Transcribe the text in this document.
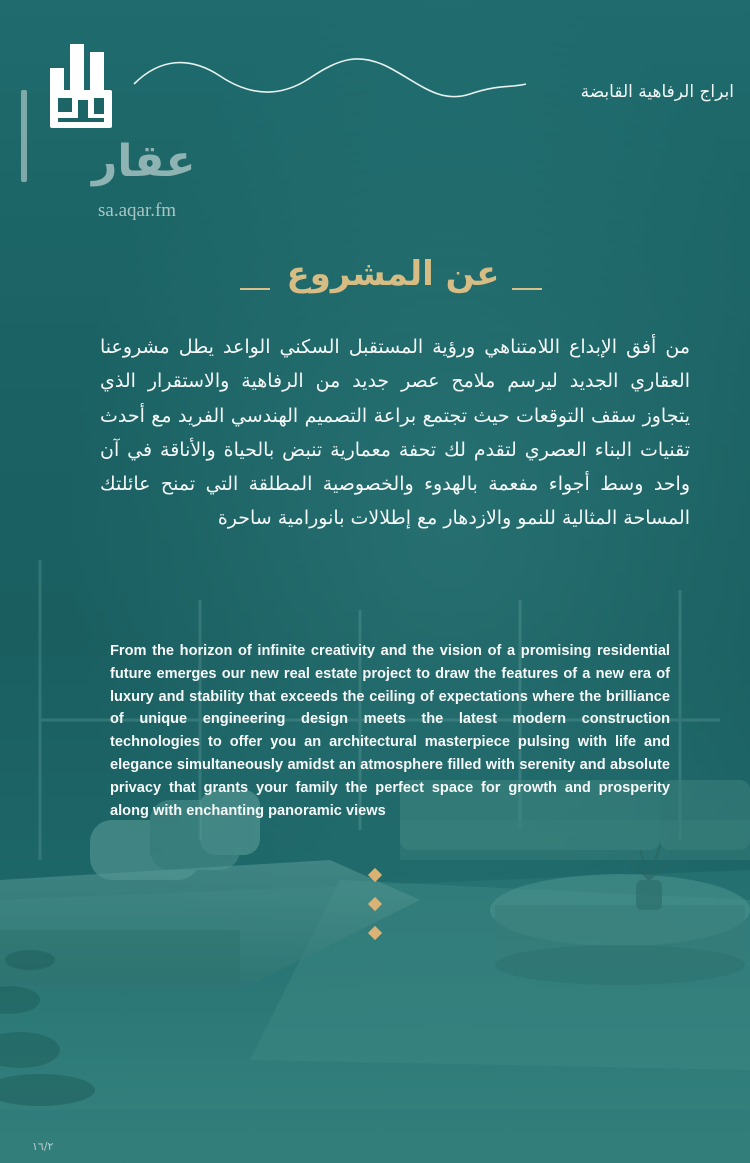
ابراج الرفاهية القابضة
عقار
sa.aqar.fm
عن المشروع
من أفق الإبداع اللامتناهي ورؤية المستقبل السكني الواعد يطل مشروعنا العقاري الجديد ليرسم ملامح عصر جديد من الرفاهية والاستقرار الذي يتجاوز سقف التوقعات حيث تجتمع براعة التصميم الهندسي الفريد مع أحدث تقنيات البناء العصري لتقدم لك تحفة معمارية تنبض بالحياة والأناقة في آن واحد وسط أجواء مفعمة بالهدوء والخصوصية المطلقة التي تمنح عائلتك المساحة المثالية للنمو والازدهار مع إطلالات بانورامية ساحرة
From the horizon of infinite creativity and the vision of a promising residential future emerges our new real estate project to draw the features of a new era of luxury and stability that exceeds the ceiling of expectations where the brilliance of unique engineering design meets the latest modern construction technologies to offer you an architectural masterpiece pulsing with life and elegance simultaneously amidst an atmosphere filled with serenity and absolute privacy that grants your family the perfect space for growth and prosperity along with enchanting panoramic views
١٦/٢
